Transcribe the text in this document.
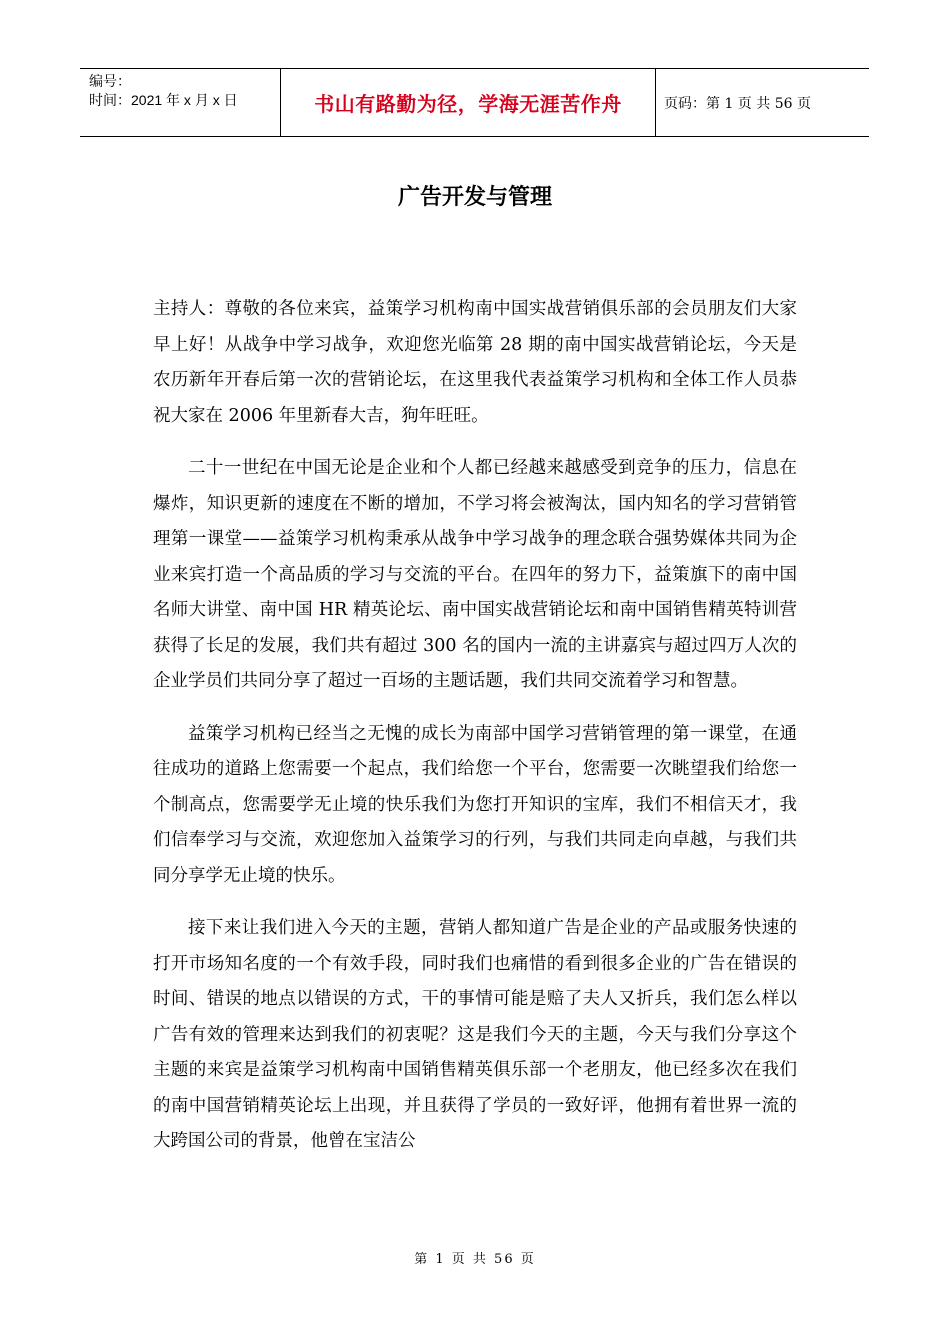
编号：
时间：2021 年 x 月 x 日	书山有路勤为径，学海无涯苦作舟	页码：第 1 页 共 56 页
广告开发与管理

主持人：尊敬的各位来宾，益策学习机构南中国实战营销俱乐部的会员朋友们大家早上好！从战争中学习战争，欢迎您光临第 28 期的南中国实战营销论坛，今天是农历新年开春后第一次的营销论坛，在这里我代表益策学习机构和全体工作人员恭祝大家在 2006 年里新春大吉，狗年旺旺。

二十一世纪在中国无论是企业和个人都已经越来越感受到竞争的压力，信息在爆炸，知识更新的速度在不断的增加，不学习将会被淘汰，国内知名的学习营销管理第一课堂——益策学习机构秉承从战争中学习战争的理念联合强势媒体共同为企业来宾打造一个高品质的学习与交流的平台。在四年的努力下，益策旗下的南中国名师大讲堂、南中国 HR 精英论坛、南中国实战营销论坛和南中国销售精英特训营获得了长足的发展，我们共有超过 300 名的国内一流的主讲嘉宾与超过四万人次的企业学员们共同分享了超过一百场的主题话题，我们共同交流着学习和智慧。

益策学习机构已经当之无愧的成长为南部中国学习营销管理的第一课堂，在通往成功的道路上您需要一个起点，我们给您一个平台，您需要一次眺望我们给您一个制高点，您需要学无止境的快乐我们为您打开知识的宝库，我们不相信天才，我们信奉学习与交流，欢迎您加入益策学习的行列，与我们共同走向卓越，与我们共同分享学无止境的快乐。

接下来让我们进入今天的主题，营销人都知道广告是企业的产品或服务快速的打开市场知名度的一个有效手段，同时我们也痛惜的看到很多企业的广告在错误的时间、错误的地点以错误的方式，干的事情可能是赔了夫人又折兵，我们怎么样以广告有效的管理来达到我们的初衷呢？这是我们今天的主题，今天与我们分享这个主题的来宾是益策学习机构南中国销售精英俱乐部一个老朋友，他已经多次在我们的南中国营销精英论坛上出现，并且获得了学员的一致好评，他拥有着世界一流的大跨国公司的背景，他曾在宝洁公

第 1 页 共 56 页
